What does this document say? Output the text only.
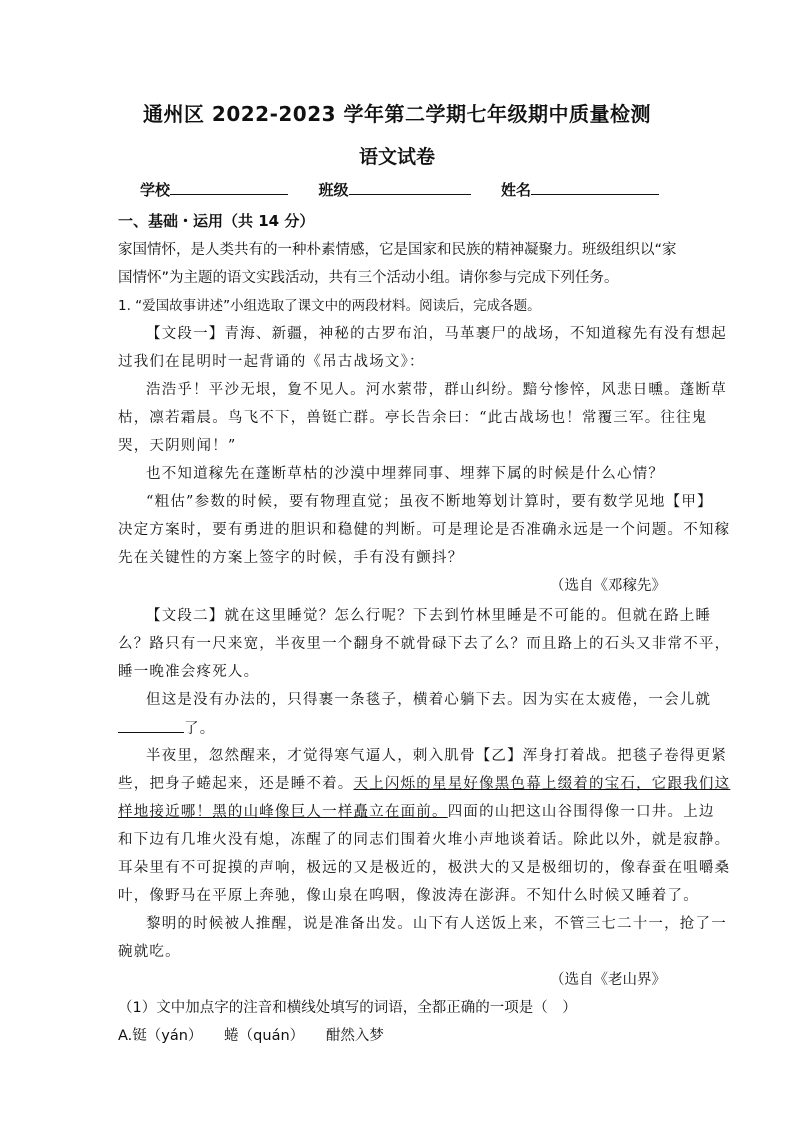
通州区 2022-2023 学年第二学期七年级期中质量检测
语文试卷
学校	班级	姓名
一、基础・运用（共 14 分）
家国情怀，是人类共有的一种朴素情感，它是国家和民族的精神凝聚力。班级组织以“家
国情怀”为主题的语文实践活动，共有三个活动小组。请你参与完成下列任务。
1. “爱国故事讲述”小组选取了课文中的两段材料。阅读后，完成各题。
【文段一】青海、新疆，神秘的古罗布泊，马革裹尸的战场，不知道稼先有没有想起
过我们在昆明时一起背诵的《吊古战场文》：
浩浩乎！平沙无垠，夐不见人。河水萦带，群山纠纷。黯兮惨悴，风悲日曛。蓬断草
枯，凛若霜晨。鸟飞不下，兽铤亡群。亭长告余曰：“此古战场也！常覆三军。往往鬼
哭，天阴则闻！”
也不知道稼先在蓬断草枯的沙漠中埋葬同事、埋葬下属的时候是什么心情？
“粗估”参数的时候，要有物理直觉；虽夜不断地筹划计算时，要有数学见地【甲】
决定方案时，要有勇进的胆识和稳健的判断。可是理论是否准确永远是一个问题。不知稼
先在关键性的方案上签字的时候，手有没有颤抖？
（选自《邓稼先》
【文段二】就在这里睡觉？怎么行呢？下去到竹林里睡是不可能的。但就在路上睡
么？路只有一尺来宽，半夜里一个翻身不就骨碌下去了么？而且路上的石头又非常不平，
睡一晚准会疼死人。
但这是没有办法的，只得裹一条毯子，横着心躺下去。因为实在太疲倦，一会儿就
了。
半夜里，忽然醒来，才觉得寒气逼人，刺入肌骨【乙】浑身打着战。把毯子卷得更紧
些，把身子蜷起来，还是睡不着。天上闪烁的星星好像黑色幕上缀着的宝石，它跟我们这
样地接近哪！黑的山峰像巨人一样矗立在面前。四面的山把这山谷围得像一口井。上边
和下边有几堆火没有熄，冻醒了的同志们围着火堆小声地谈着话。除此以外，就是寂静。
耳朵里有不可捉摸的声响，极远的又是极近的，极洪大的又是极细切的，像春蚕在咀嚼桑
叶，像野马在平原上奔驰，像山泉在呜咽，像波涛在澎湃。不知什么时候又睡着了。
黎明的时候被人推醒，说是准备出发。山下有人送饭上来，不管三七二十一，抢了一
碗就吃。
（选自《老山界》
（1）文中加点字的注音和横线处填写的词语，全都正确的一项是（　）
A.铤（yán）　　蜷（quán）　　酣然入梦
